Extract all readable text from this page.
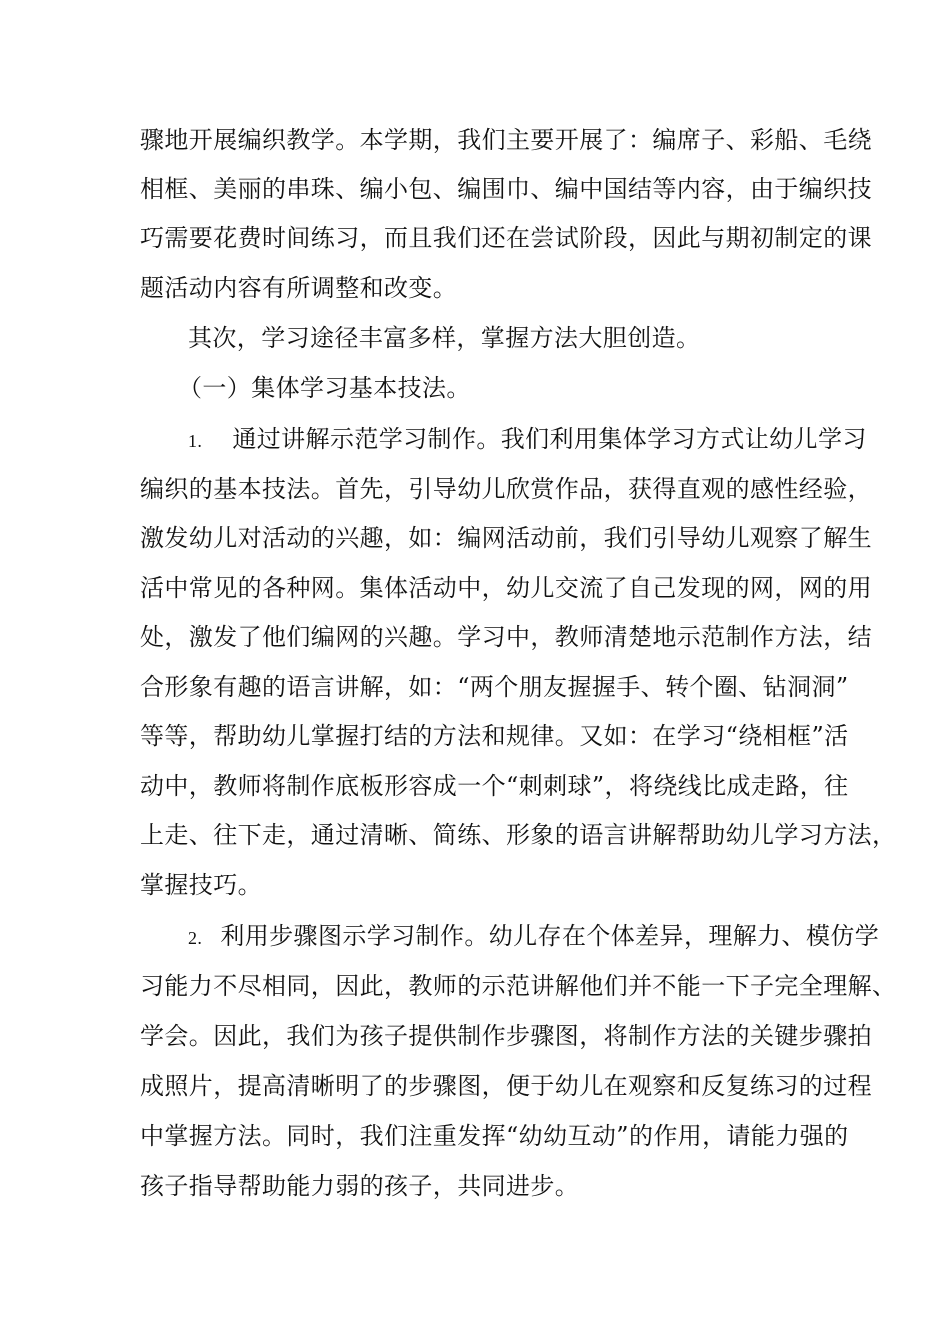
骤地开展编织教学。本学期，我们主要开展了：编席子、彩船、毛绕
相框、美丽的串珠、编小包、编围巾、编中国结等内容，由于编织技
巧需要花费时间练习，而且我们还在尝试阶段，因此与期初制定的课
题活动内容有所调整和改变。
其次，学习途径丰富多样，掌握方法大胆创造。
（一）集体学习基本技法。
1. 通过讲解示范学习制作。我们利用集体学习方式让幼儿学习
编织的基本技法。首先，引导幼儿欣赏作品，获得直观的感性经验，
激发幼儿对活动的兴趣，如：编网活动前，我们引导幼儿观察了解生
活中常见的各种网。集体活动中，幼儿交流了自己发现的网，网的用
处，激发了他们编网的兴趣。学习中，教师清楚地示范制作方法，结
合形象有趣的语言讲解，如：“两个朋友握握手、转个圈、钻洞洞”
等等，帮助幼儿掌握打结的方法和规律。又如：在学习“绕相框”活
动中，教师将制作底板形容成一个“刺刺球”，将绕线比成走路，往
上走、往下走，通过清晰、简练、形象的语言讲解帮助幼儿学习方法，
掌握技巧。
2. 利用步骤图示学习制作。幼儿存在个体差异，理解力、模仿学
习能力不尽相同，因此，教师的示范讲解他们并不能一下子完全理解、
学会。因此，我们为孩子提供制作步骤图，将制作方法的关键步骤拍
成照片，提高清晰明了的步骤图，便于幼儿在观察和反复练习的过程
中掌握方法。同时，我们注重发挥“幼幼互动”的作用，请能力强的
孩子指导帮助能力弱的孩子，共同进步。
